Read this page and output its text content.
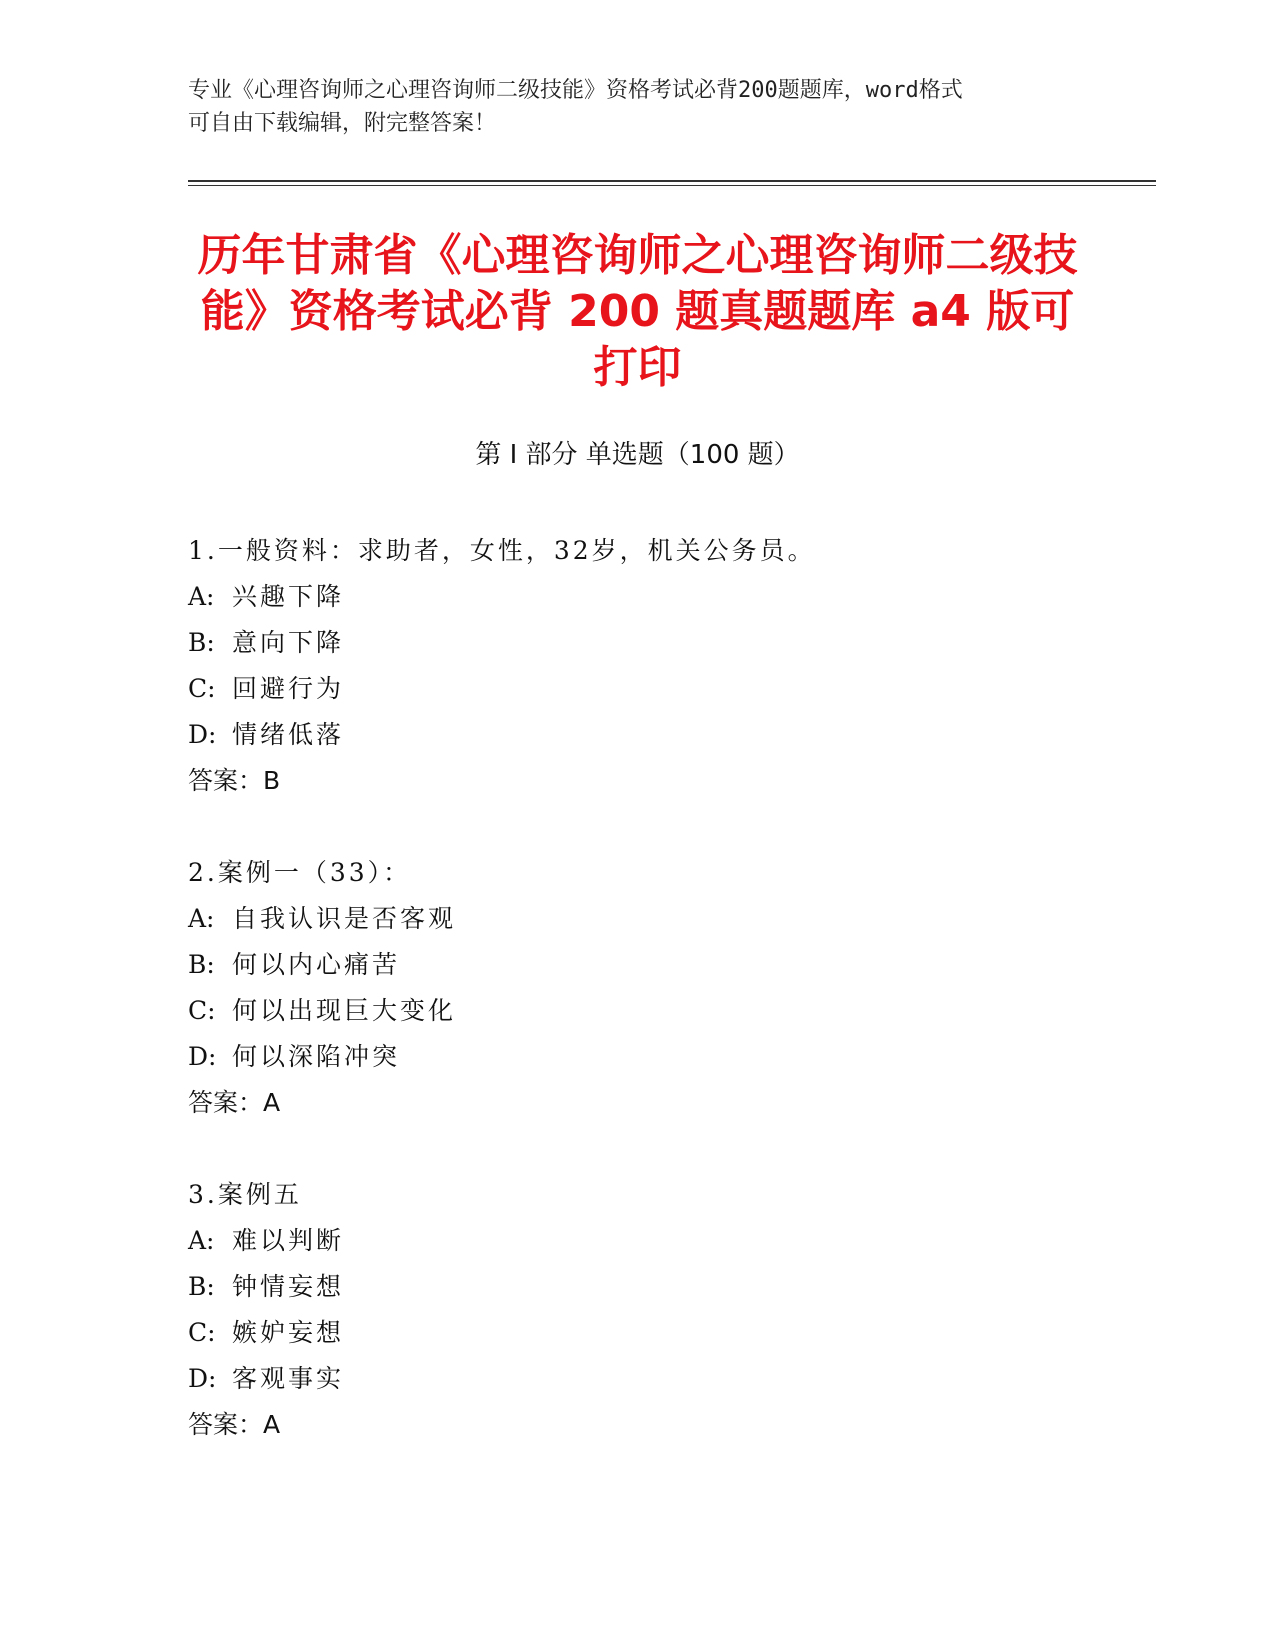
专业《心理咨询师之心理咨询师二级技能》资格考试必背200题题库，word格式
可自由下载编辑，附完整答案！
历年甘肃省《心理咨询师之心理咨询师二级技能》资格考试必背 200 题真题题库 a4 版可打印
第 I 部分 单选题（100 题）
1.一般资料：求助者，女性，32岁，机关公务员。
A: 兴趣下降
B: 意向下降
C: 回避行为
D: 情绪低落
答案：B
2.案例一（33）：
A: 自我认识是否客观
B: 何以内心痛苦
C: 何以出现巨大变化
D: 何以深陷冲突
答案：A
3.案例五
A: 难以判断
B: 钟情妄想
C: 嫉妒妄想
D: 客观事实
答案：A
